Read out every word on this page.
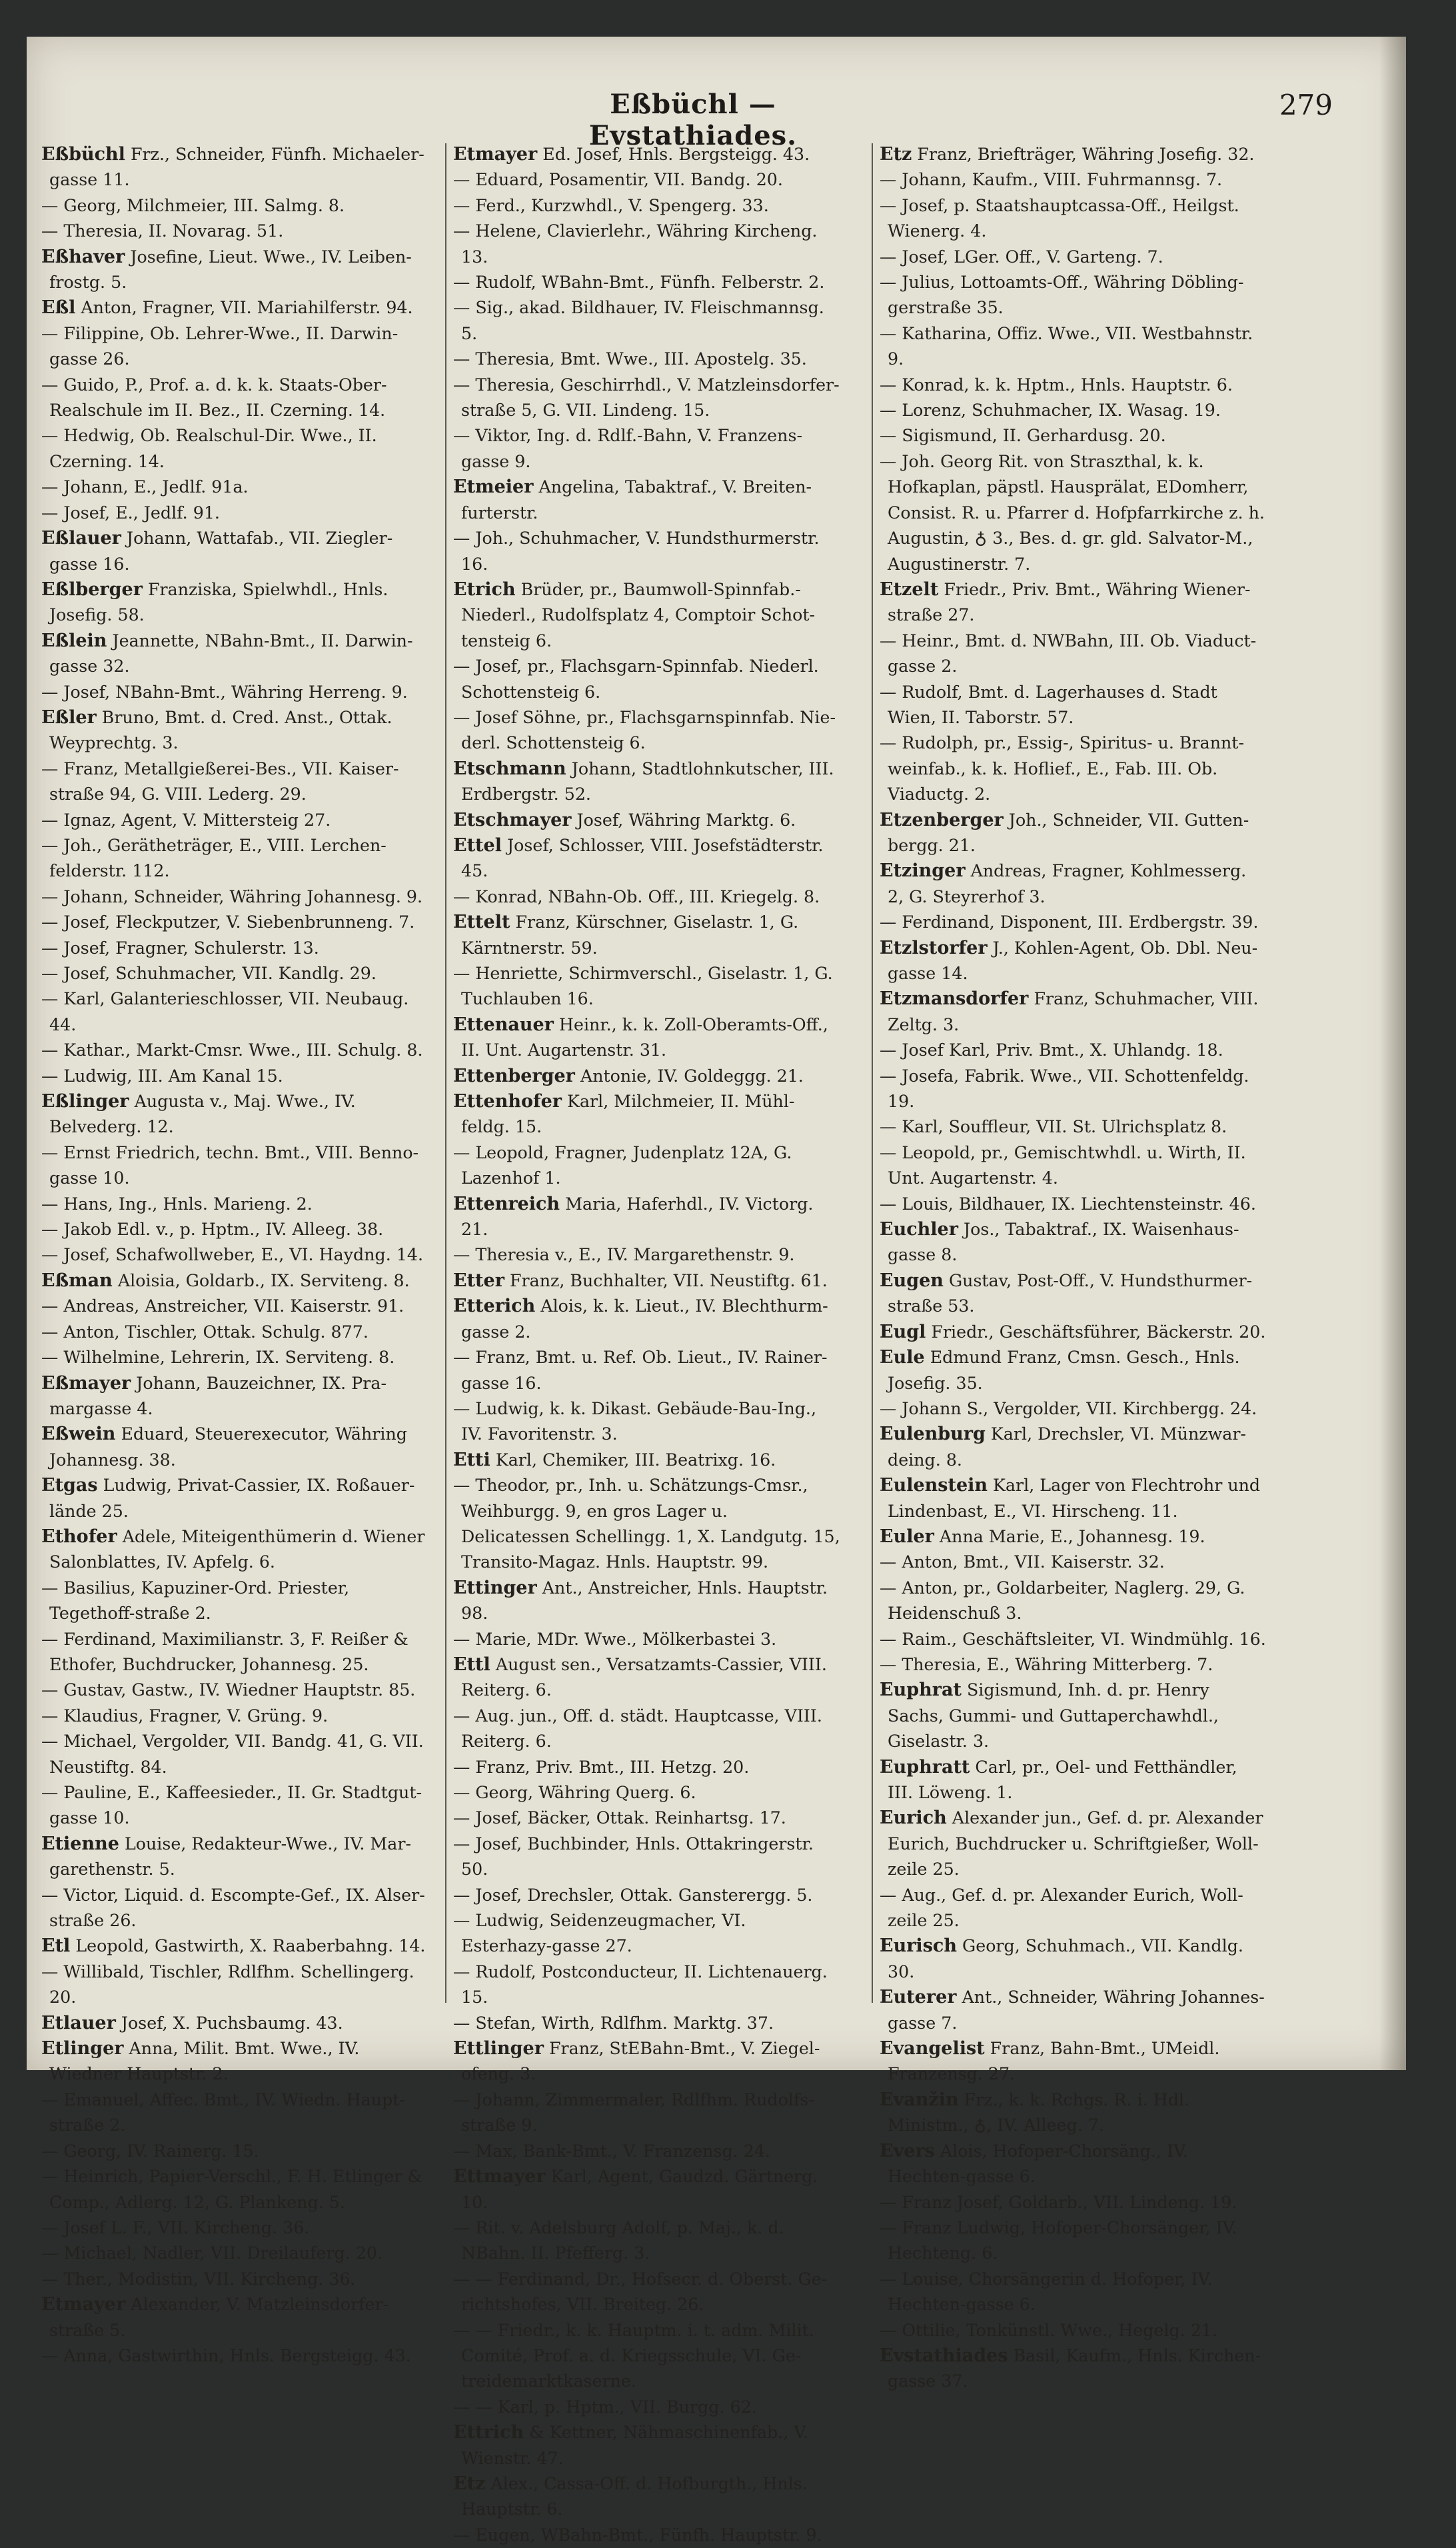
Eßbüchl — Evstathiades.
279

Eßbüchl Frz., Schneider, Fünfh. Michaeler-gasse 11.

— Georg, Milchmeier, III. Salmg. 8.

— Theresia, II. Novarag. 51.

Eßhaver Josefine, Lieut. Wwe., IV. Leiben-frostg. 5.

Eßl Anton, Fragner, VII. Mariahilferstr. 94.

— Filippine, Ob. Lehrer-Wwe., II. Darwin-gasse 26.

— Guido, P., Prof. a. d. k. k. Staats-Ober-Realschule im II. Bez., II. Czerning. 14.

— Hedwig, Ob. Realschul-Dir. Wwe., II. Czerning. 14.

— Johann, E., Jedlf. 91a.

— Josef, E., Jedlf. 91.

Eßlauer Johann, Wattafab., VII. Ziegler-gasse 16.

Eßlberger Franziska, Spielwhdl., Hnls. Josefig. 58.

Eßlein Jeannette, NBahn-Bmt., II. Darwin-gasse 32.

— Josef, NBahn-Bmt., Währing Herreng. 9.

Eßler Bruno, Bmt. d. Cred. Anst., Ottak. Weyprechtg. 3.

— Franz, Metallgießerei-Bes., VII. Kaiser-straße 94, G. VIII. Lederg. 29.

— Ignaz, Agent, V. Mittersteig 27.

— Joh., Gerätheträger, E., VIII. Lerchen-felderstr. 112.

— Johann, Schneider, Währing Johannesg. 9.

— Josef, Fleckputzer, V. Siebenbrunneng. 7.

— Josef, Fragner, Schulerstr. 13.

— Josef, Schuhmacher, VII. Kandlg. 29.

— Karl, Galanterieschlosser, VII. Neubaug. 44.

— Kathar., Markt-Cmsr. Wwe., III. Schulg. 8.

— Ludwig, III. Am Kanal 15.

Eßlinger Augusta v., Maj. Wwe., IV. Belvederg. 12.

— Ernst Friedrich, techn. Bmt., VIII. Benno-gasse 10.

— Hans, Ing., Hnls. Marieng. 2.

— Jakob Edl. v., p. Hptm., IV. Alleeg. 38.

— Josef, Schafwollweber, E., VI. Haydng. 14.

Eßman Aloisia, Goldarb., IX. Serviteng. 8.

— Andreas, Anstreicher, VII. Kaiserstr. 91.

— Anton, Tischler, Ottak. Schulg. 877.

— Wilhelmine, Lehrerin, IX. Serviteng. 8.

Eßmayer Johann, Bauzeichner, IX. Pra-margasse 4.

Eßwein Eduard, Steuerexecutor, Währing Johannesg. 38.

Etgas Ludwig, Privat-Cassier, IX. Roßauer-lände 25.

Ethofer Adele, Miteigenthümerin d. Wiener Salonblattes, IV. Apfelg. 6.

— Basilius, Kapuziner-Ord. Priester, Tegethoff-straße 2.

— Ferdinand, Maximilianstr. 3, F. Reißer & Ethofer, Buchdrucker, Johannesg. 25.

— Gustav, Gastw., IV. Wiedner Hauptstr. 85.

— Klaudius, Fragner, V. Grüng. 9.

— Michael, Vergolder, VII. Bandg. 41, G. VII. Neustiftg. 84.

— Pauline, E., Kaffeesieder., II. Gr. Stadtgut-gasse 10.

Etienne Louise, Redakteur-Wwe., IV. Mar-garethenstr. 5.

— Victor, Liquid. d. Escompte-Gef., IX. Alser-straße 26.

Etl Leopold, Gastwirth, X. Raaberbahng. 14.

— Willibald, Tischler, Rdlfhm. Schellingerg. 20.

Etlauer Josef, X. Puchsbaumg. 43.

Etlinger Anna, Milit. Bmt. Wwe., IV. Wiedner Hauptstr. 2.

— Emanuel, Affec. Bmt., IV. Wiedn. Haupt-straße 2.

— Georg, IV. Rainerg. 15.

— Heinrich, Papier-Verschl., F. H. Etlinger & Comp., Adlerg. 12, G. Plankeng. 5.

— Josef L. F., VII. Kircheng. 36.

— Michael, Nadler, VII. Dreilauferg. 20.

— Ther., Modistin, VII. Kircheng. 36.

Etmayer Alexander, V. Matzleinsdorfer-straße 5.

— Anna, Gastwirthin, Hnls. Bergsteigg. 43.

Etmayer Ed. Josef, Hnls. Bergsteigg. 43.

— Eduard, Posamentir, VII. Bandg. 20.

— Ferd., Kurzwhdl., V. Spengerg. 33.

— Helene, Clavierlehr., Währing Kircheng. 13.

— Rudolf, WBahn-Bmt., Fünfh. Felberstr. 2.

— Sig., akad. Bildhauer, IV. Fleischmannsg. 5.

— Theresia, Bmt. Wwe., III. Apostelg. 35.

— Theresia, Geschirrhdl., V. Matzleinsdorfer-straße 5, G. VII. Lindeng. 15.

— Viktor, Ing. d. Rdlf.-Bahn, V. Franzens-gasse 9.

Etmeier Angelina, Tabaktraf., V. Breiten-furterstr.

— Joh., Schuhmacher, V. Hundsthurmerstr. 16.

Etrich Brüder, pr., Baumwoll-Spinnfab.-Niederl., Rudolfsplatz 4, Comptoir Schot-tensteig 6.

— Josef, pr., Flachsgarn-Spinnfab. Niederl. Schottensteig 6.

— Josef Söhne, pr., Flachsgarnspinnfab. Nie-derl. Schottensteig 6.

Etschmann Johann, Stadtlohnkutscher, III. Erdbergstr. 52.

Etschmayer Josef, Währing Marktg. 6.

Ettel Josef, Schlosser, VIII. Josefstädterstr. 45.

— Konrad, NBahn-Ob. Off., III. Kriegelg. 8.

Ettelt Franz, Kürschner, Giselastr. 1, G. Kärntnerstr. 59.

— Henriette, Schirmverschl., Giselastr. 1, G. Tuchlauben 16.

Ettenauer Heinr., k. k. Zoll-Oberamts-Off., II. Unt. Augartenstr. 31.

Ettenberger Antonie, IV. Goldeggg. 21.

Ettenhofer Karl, Milchmeier, II. Mühl-feldg. 15.

— Leopold, Fragner, Judenplatz 12A, G. Lazenhof 1.

Ettenreich Maria, Haferhdl., IV. Victorg. 21.

— Theresia v., E., IV. Margarethenstr. 9.

Etter Franz, Buchhalter, VII. Neustiftg. 61.

Etterich Alois, k. k. Lieut., IV. Blechthurm-gasse 2.

— Franz, Bmt. u. Ref. Ob. Lieut., IV. Rainer-gasse 16.

— Ludwig, k. k. Dikast. Gebäude-Bau-Ing., IV. Favoritenstr. 3.

Etti Karl, Chemiker, III. Beatrixg. 16.

— Theodor, pr., Inh. u. Schätzungs-Cmsr., Weihburgg. 9, en gros Lager u. Delicatessen Schellingg. 1, X. Landgutg. 15, Transito-Magaz. Hnls. Hauptstr. 99.

Ettinger Ant., Anstreicher, Hnls. Hauptstr. 98.

— Marie, MDr. Wwe., Mölkerbastei 3.

Ettl August sen., Versatzamts-Cassier, VIII. Reiterg. 6.

— Aug. jun., Off. d. städt. Hauptcasse, VIII. Reiterg. 6.

— Franz, Priv. Bmt., III. Hetzg. 20.

— Georg, Währing Querg. 6.

— Josef, Bäcker, Ottak. Reinhartsg. 17.

— Josef, Buchbinder, Hnls. Ottakringerstr. 50.

— Josef, Drechsler, Ottak. Gansterergg. 5.

— Ludwig, Seidenzeugmacher, VI. Esterhazy-gasse 27.

— Rudolf, Postconducteur, II. Lichtenauerg. 15.

— Stefan, Wirth, Rdlfhm. Marktg. 37.

Ettlinger Franz, StEBahn-Bmt., V. Ziegel-ofeng. 3.

— Johann, Zimmermaler, Rdlfhm. Rudolfs-straße 9.

— Max, Bank-Bmt., V. Franzensg. 24.

Ettmayer Karl, Agent, Gaudzd. Gärtnerg. 10.

— Rit. v. Adelsburg Adolf, p. Maj., k. d. NBahn. II. Pfefferg. 3.

— — Ferdinand, Dr., Hofsecr. d. Oberst. Ge-richtshofes, VII. Breiteg. 26.

— — Friedr., k. k. Hauptm. i. t. adm. Milit. Comité, Prof. a. d. Kriegsschule, VI. Ge-treidemarktkaserne.

— — Karl, p. Hptm., VII. Burgg. 62.

Ettrich & Kettner, Nähmaschinenfab., V. Wienstr. 47.

Etz Alex., Cassa-Off. d. Hofburgth., Hnls. Hauptstr. 6.

— Eugen, WBahn-Bmt., Fünfh. Hauptstr. 9.

Etz Franz, Briefträger, Währing Josefig. 32.

— Johann, Kaufm., VIII. Fuhrmannsg. 7.

— Josef, p. Staatshauptcassa-Off., Heilgst. Wienerg. 4.

— Josef, LGer. Off., V. Garteng. 7.

— Julius, Lottoamts-Off., Währing Döbling-gerstraße 35.

— Katharina, Offiz. Wwe., VII. Westbahnstr. 9.

— Konrad, k. k. Hptm., Hnls. Hauptstr. 6.

— Lorenz, Schuhmacher, IX. Wasag. 19.

— Sigismund, II. Gerhardusg. 20.

— Joh. Georg Rit. von Straszthal, k. k. Hofkaplan, päpstl. Hausprälat, EDomherr, Consist. R. u. Pfarrer d. Hofpfarrkirche z. h. Augustin, ♁ 3., Bes. d. gr. gld. Salvator-M., Augustinerstr. 7.

Etzelt Friedr., Priv. Bmt., Währing Wiener-straße 27.

— Heinr., Bmt. d. NWBahn, III. Ob. Viaduct-gasse 2.

— Rudolf, Bmt. d. Lagerhauses d. Stadt Wien, II. Taborstr. 57.

— Rudolph, pr., Essig-, Spiritus- u. Brannt-weinfab., k. k. Hoflief., E., Fab. III. Ob. Viaductg. 2.

Etzenberger Joh., Schneider, VII. Gutten-bergg. 21.

Etzinger Andreas, Fragner, Kohlmesserg. 2, G. Steyrerhof 3.

— Ferdinand, Disponent, III. Erdbergstr. 39.

Etzlstorfer J., Kohlen-Agent, Ob. Dbl. Neu-gasse 14.

Etzmansdorfer Franz, Schuhmacher, VIII. Zeltg. 3.

— Josef Karl, Priv. Bmt., X. Uhlandg. 18.

— Josefa, Fabrik. Wwe., VII. Schottenfeldg. 19.

— Karl, Souffleur, VII. St. Ulrichsplatz 8.

— Leopold, pr., Gemischtwhdl. u. Wirth, II. Unt. Augartenstr. 4.

— Louis, Bildhauer, IX. Liechtensteinstr. 46.

Euchler Jos., Tabaktraf., IX. Waisenhaus-gasse 8.

Eugen Gustav, Post-Off., V. Hundsthurmer-straße 53.

Eugl Friedr., Geschäftsführer, Bäckerstr. 20.

Eule Edmund Franz, Cmsn. Gesch., Hnls. Josefig. 35.

— Johann S., Vergolder, VII. Kirchbergg. 24.

Eulenburg Karl, Drechsler, VI. Münzwar-deing. 8.

Eulenstein Karl, Lager von Flechtrohr und Lindenbast, E., VI. Hirscheng. 11.

Euler Anna Marie, E., Johannesg. 19.

— Anton, Bmt., VII. Kaiserstr. 32.

— Anton, pr., Goldarbeiter, Naglerg. 29, G. Heidenschuß 3.

— Raim., Geschäftsleiter, VI. Windmühlg. 16.

— Theresia, E., Währing Mitterberg. 7.

Euphrat Sigismund, Inh. d. pr. Henry Sachs, Gummi- und Guttaperchawhdl., Giselastr. 3.

Euphratt Carl, pr., Oel- und Fetthändler, III. Löweng. 1.

Eurich Alexander jun., Gef. d. pr. Alexander Eurich, Buchdrucker u. Schriftgießer, Woll-zeile 25.

— Aug., Gef. d. pr. Alexander Eurich, Woll-zeile 25.

Eurisch Georg, Schuhmach., VII. Kandlg. 30.

Euterer Ant., Schneider, Währing Johannes-gasse 7.

Evangelist Franz, Bahn-Bmt., UMeidl. Franzensg. 27.

Evanžin Frz., k. k. Rchgs. R. i. Hdl. Ministm., ♁, IV. Alleeg. 7.

Evers Alois, Hofoper-Chorsäng., IV. Hechten-gasse 6.

— Franz Josef, Goldarb., VII. Lindeng. 19.

— Franz Ludwig, Hofoper-Chorsänger, IV. Hechteng. 6.

— Louise, Chorsängerin d. Hofoper, IV. Hechten-gasse 6.

— Ottilie, Tonkünstl. Wwe., Hegelg. 21.

Evstathiades Basil, Kaufm., Hnls. Kirchen-gasse 37.
